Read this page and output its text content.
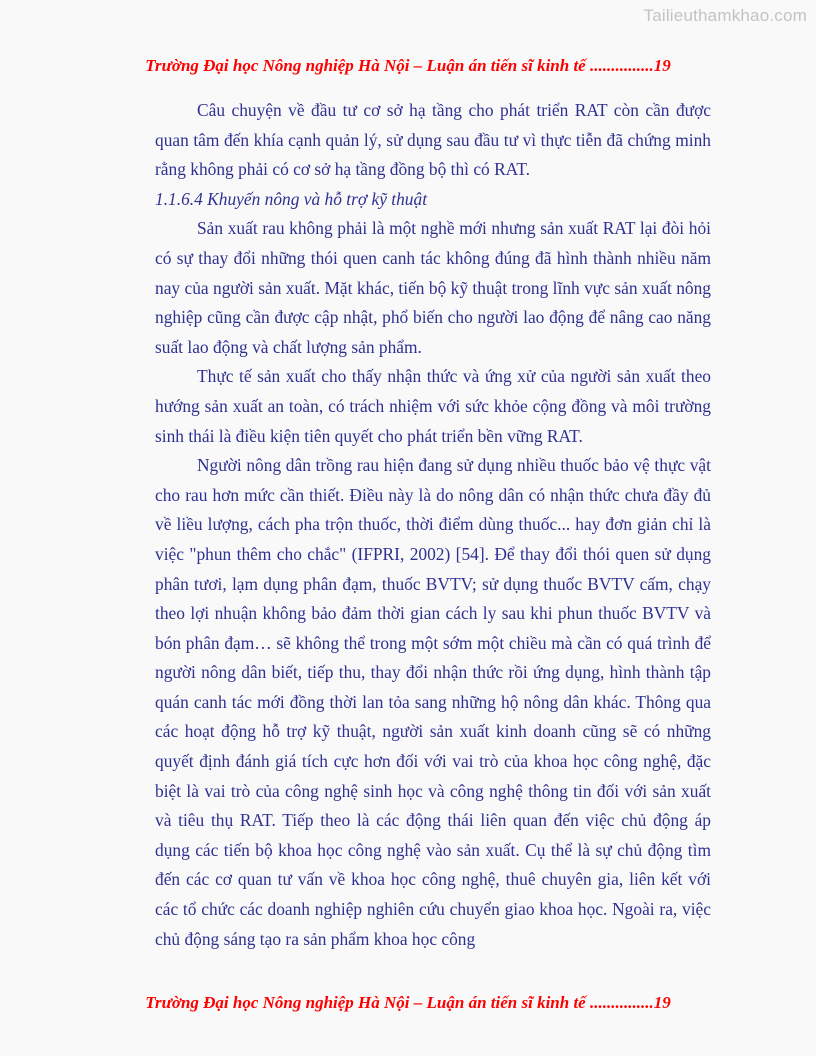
Tailieuthamkhao.com
Trường Đại học Nông nghiệp Hà Nội – Luận án tiến sĩ kinh tế ...............19

Câu chuyện về đầu tư cơ sở hạ tầng cho phát triển RAT còn cần được quan tâm đến khía cạnh quản lý, sử dụng sau đầu tư vì thực tiễn đã chứng minh rằng không phải có cơ sở hạ tầng đồng bộ thì có RAT.

1.1.6.4 Khuyến nông và hỗ trợ kỹ thuật

Sản xuất rau không phải là một nghề mới nhưng sản xuất RAT lại đòi hỏi có sự thay đổi những thói quen canh tác không đúng đã hình thành nhiều năm nay của người sản xuất. Mặt khác, tiến bộ kỹ thuật trong lĩnh vực sản xuất nông nghiệp cũng cần được cập nhật, phổ biến cho người lao động để nâng cao năng suất lao động và chất lượng sản phẩm.

Thực tế sản xuất cho thấy nhận thức và ứng xử của người sản xuất theo hướng sản xuất an toàn, có trách nhiệm với sức khỏe cộng đồng và môi trường sinh thái là điều kiện tiên quyết cho phát triển bền vững RAT.

Người nông dân trồng rau hiện đang sử dụng nhiều thuốc bảo vệ thực vật cho rau hơn mức cần thiết. Điều này là do nông dân có nhận thức chưa đầy đủ về liều lượng, cách pha trộn thuốc, thời điểm dùng thuốc... hay đơn giản chỉ là việc "phun thêm cho chắc" (IFPRI, 2002) [54]. Để thay đổi thói quen sử dụng phân tươi, lạm dụng phân đạm, thuốc BVTV; sử dụng thuốc BVTV cấm, chạy theo lợi nhuận không bảo đảm thời gian cách ly sau khi phun thuốc BVTV và bón phân đạm… sẽ không thể trong một sớm một chiều mà cần có quá trình để người nông dân biết, tiếp thu, thay đổi nhận thức rồi ứng dụng, hình thành tập quán canh tác mới đồng thời lan tỏa sang những hộ nông dân khác. Thông qua các hoạt động hỗ trợ kỹ thuật, người sản xuất kinh doanh cũng sẽ có những quyết định đánh giá tích cực hơn đối với vai trò của khoa học công nghệ, đặc biệt là vai trò của công nghệ sinh học và công nghệ thông tin đối với sản xuất và tiêu thụ RAT. Tiếp theo là các động thái liên quan đến việc chủ động áp dụng các tiến bộ khoa học công nghệ vào sản xuất. Cụ thể là sự chủ động tìm đến các cơ quan tư vấn về khoa học công nghệ, thuê chuyên gia, liên kết với các tổ chức các doanh nghiệp nghiên cứu chuyển giao khoa học. Ngoài ra, việc chủ động sáng tạo ra sản phẩm khoa học công

Trường Đại học Nông nghiệp Hà Nội – Luận án tiến sĩ kinh tế ...............19
